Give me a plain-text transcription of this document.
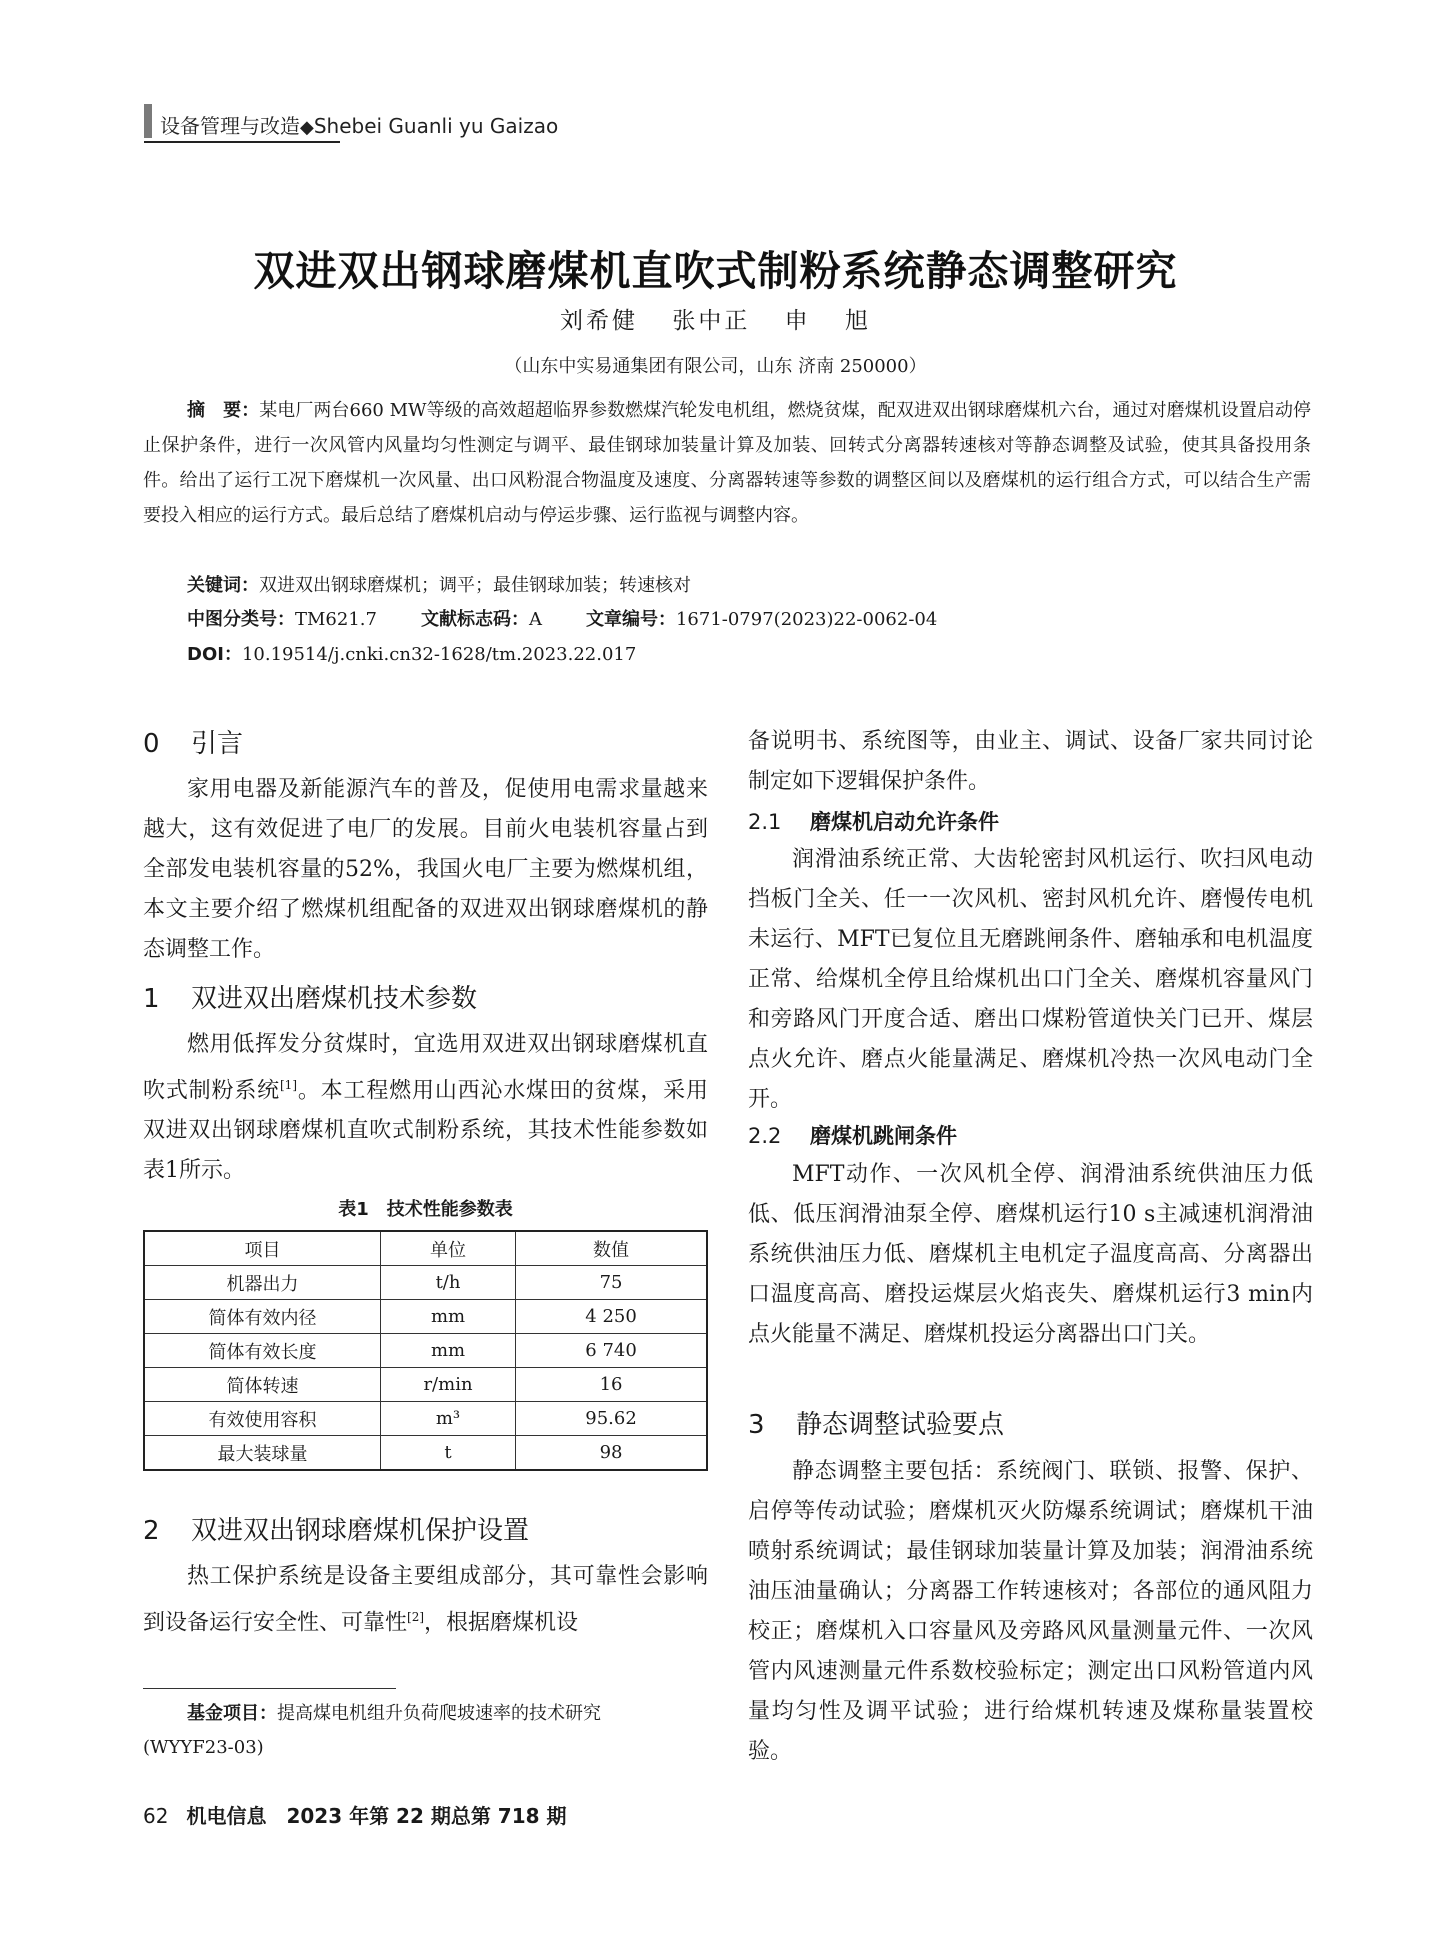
设备管理与改造◆Shebei Guanli yu Gaizao
双进双出钢球磨煤机直吹式制粉系统静态调整研究
刘希健 张中正 申 旭
（山东中实易通集团有限公司，山东 济南 250000）
摘　要：某电厂两台660 MW等级的高效超超临界参数燃煤汽轮发电机组，燃烧贫煤，配双进双出钢球磨煤机六台，通过对磨煤机设置启动停止保护条件，进行一次风管内风量均匀性测定与调平、最佳钢球加装量计算及加装、回转式分离器转速核对等静态调整及试验，使其具备投用条件。给出了运行工况下磨煤机一次风量、出口风粉混合物温度及速度、分离器转速等参数的调整区间以及磨煤机的运行组合方式，可以结合生产需要投入相应的运行方式。最后总结了磨煤机启动与停运步骤、运行监视与调整内容。
关键词：双进双出钢球磨煤机；调平；最佳钢球加装；转速核对
中图分类号：TM621.7 文献标志码：A 文章编号：1671-0797(2023)22-0062-04
DOI：10.19514/j.cnki.cn32-1628/tm.2023.22.017
0 引言
家用电器及新能源汽车的普及，促使用电需求量越来越大，这有效促进了电厂的发展。目前火电装机容量占到全部发电装机容量的52%，我国火电厂主要为燃煤机组，本文主要介绍了燃煤机组配备的双进双出钢球磨煤机的静态调整工作。
1 双进双出磨煤机技术参数
燃用低挥发分贫煤时，宜选用双进双出钢球磨煤机直吹式制粉系统[1]。本工程燃用山西沁水煤田的贫煤，采用双进双出钢球磨煤机直吹式制粉系统，其技术性能参数如表1所示。
表1　技术性能参数表
项目	单位	数值
机器出力	t/h	75
简体有效内径	mm	4 250
简体有效长度	mm	6 740
简体转速	r/min	16
有效使用容积	m³	95.62
最大装球量	t	98
2 双进双出钢球磨煤机保护设置
热工保护系统是设备主要组成部分，其可靠性会影响到设备运行安全性、可靠性[2]，根据磨煤机设
基金项目：提高煤电机组升负荷爬坡速率的技术研究
(WYYF23-03)
62 机电信息　2023 年第 22 期总第 718 期
备说明书、系统图等，由业主、调试、设备厂家共同讨论制定如下逻辑保护条件。
2.1 磨煤机启动允许条件
润滑油系统正常、大齿轮密封风机运行、吹扫风电动挡板门全关、任一一次风机、密封风机允许、磨慢传电机未运行、MFT已复位且无磨跳闸条件、磨轴承和电机温度正常、给煤机全停且给煤机出口门全关、磨煤机容量风门和旁路风门开度合适、磨出口煤粉管道快关门已开、煤层点火允许、磨点火能量满足、磨煤机冷热一次风电动门全开。
2.2 磨煤机跳闸条件
MFT动作、一次风机全停、润滑油系统供油压力低低、低压润滑油泵全停、磨煤机运行10 s主减速机润滑油系统供油压力低、磨煤机主电机定子温度高高、分离器出口温度高高、磨投运煤层火焰丧失、磨煤机运行3 min内点火能量不满足、磨煤机投运分离器出口门关。
3 静态调整试验要点
静态调整主要包括：系统阀门、联锁、报警、保护、启停等传动试验；磨煤机灭火防爆系统调试；磨煤机干油喷射系统调试；最佳钢球加装量计算及加装；润滑油系统油压油量确认；分离器工作转速核对；各部位的通风阻力校正；磨煤机入口容量风及旁路风风量测量元件、一次风管内风速测量元件系数校验标定；测定出口风粉管道内风量均匀性及调平试验；进行给煤机转速及煤称量装置校验。
